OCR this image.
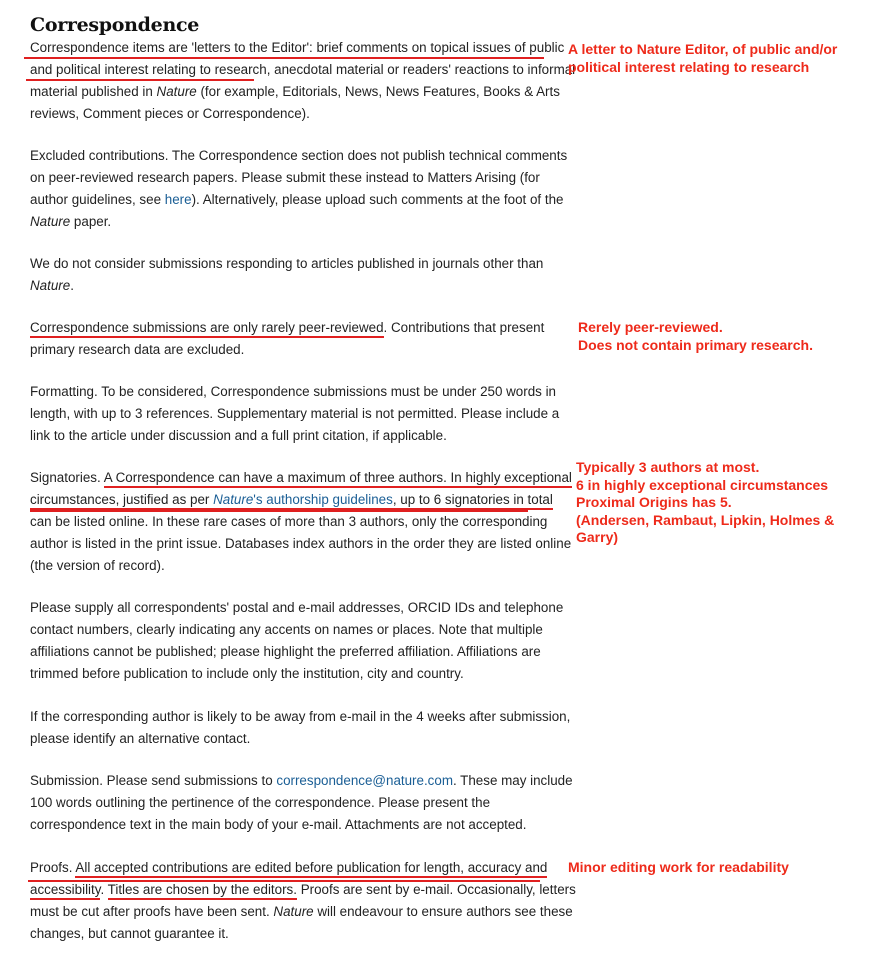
Correspondence
Correspondence items are 'letters to the Editor': brief comments on topical issues of public
and political interest relating to research, anecdotal material or readers' reactions to informal
material published in Nature (for example, Editorials, News, News Features, Books & Arts
reviews, Comment pieces or Correspondence).
Excluded contributions. The Correspondence section does not publish technical comments
on peer-reviewed research papers. Please submit these instead to Matters Arising (for
author guidelines, see here). Alternatively, please upload such comments at the foot of the
Nature paper.
We do not consider submissions responding to articles published in journals other than
Nature.
Correspondence submissions are only rarely peer-reviewed. Contributions that present
primary research data are excluded.
Formatting. To be considered, Correspondence submissions must be under 250 words in
length, with up to 3 references. Supplementary material is not permitted. Please include a
link to the article under discussion and a full print citation, if applicable.
Signatories. A Correspondence can have a maximum of three authors. In highly exceptional
circumstances, justified as per Nature's authorship guidelines, up to 6 signatories in total
can be listed online. In these rare cases of more than 3 authors, only the corresponding
author is listed in the print issue. Databases index authors in the order they are listed online
(the version of record).
Please supply all correspondents' postal and e-mail addresses, ORCID IDs and telephone
contact numbers, clearly indicating any accents on names or places. Note that multiple
affiliations cannot be published; please highlight the preferred affiliation. Affiliations are
trimmed before publication to include only the institution, city and country.
If the corresponding author is likely to be away from e-mail in the 4 weeks after submission,
please identify an alternative contact.
Submission. Please send submissions to correspondence@nature.com. These may include
100 words outlining the pertinence of the correspondence. Please present the
correspondence text in the main body of your e-mail. Attachments are not accepted.
Proofs. All accepted contributions are edited before publication for length, accuracy and
accessibility. Titles are chosen by the editors. Proofs are sent by e-mail. Occasionally, letters
must be cut after proofs have been sent. Nature will endeavour to ensure authors see these
changes, but cannot guarantee it.
A letter to Nature Editor, of public and/or
political interest relating to research
Rerely peer-reviewed.
Does not contain primary research.
Typically 3 authors at most.
6 in highly exceptional circumstances
Proximal Origins has 5.
(Andersen, Rambaut, Lipkin, Holmes &
Garry)
Minor editing work for readability
